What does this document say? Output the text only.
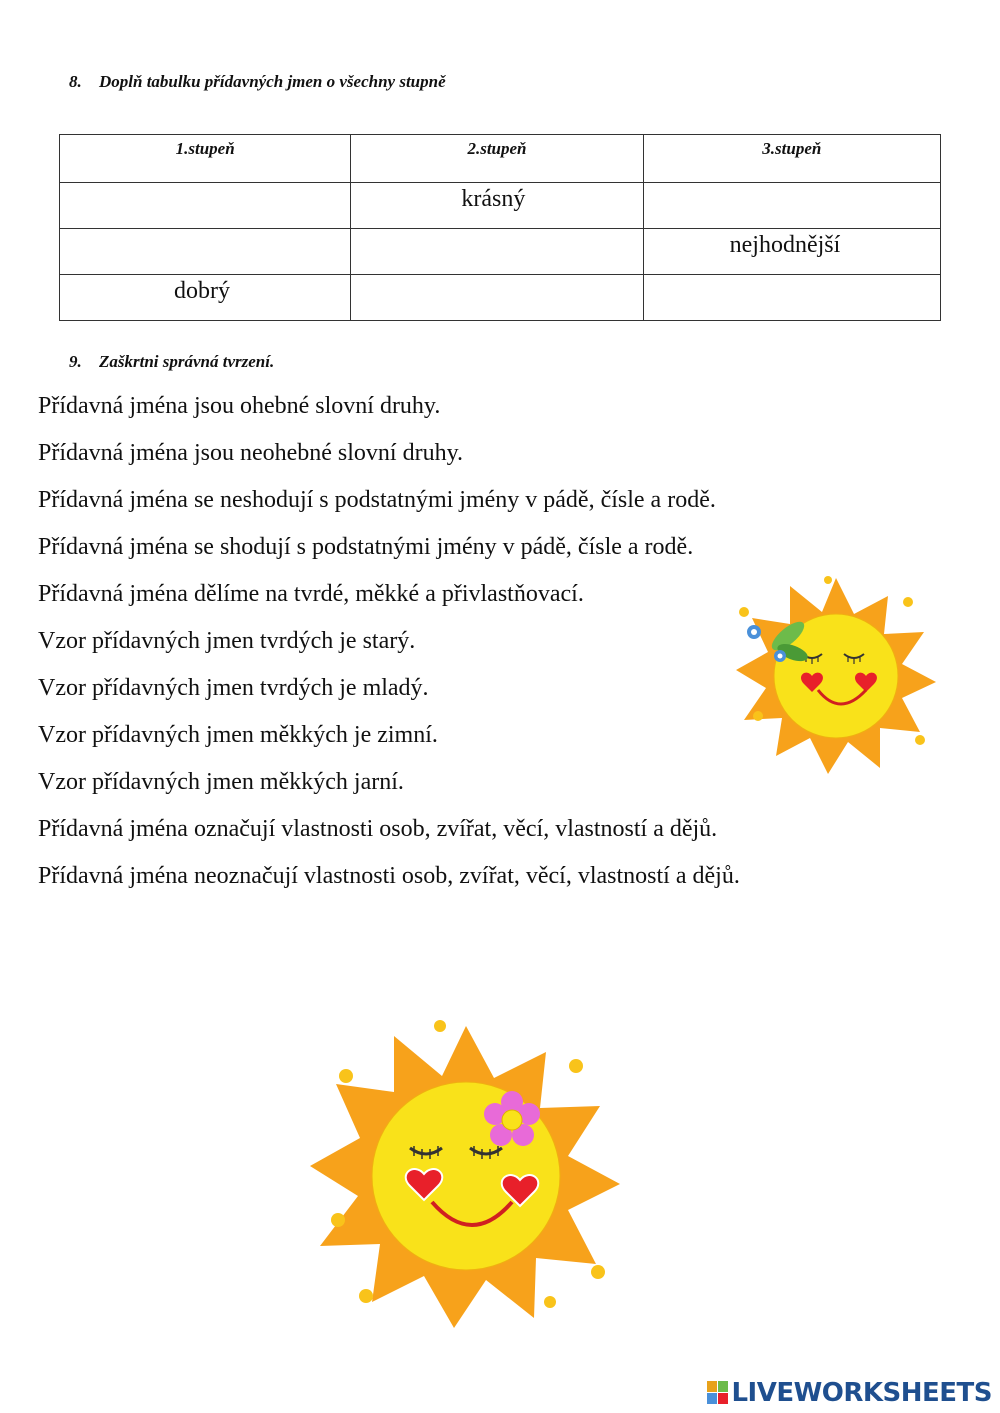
8. Doplň tabulku přídavných jmen o všechny stupně
1.stupeň	2.stupeň	3.stupeň
	krásný	
		nejhodnější
dobrý		
9. Zaškrtni správná tvrzení.

Přídavná jména jsou ohebné slovní druhy.

Přídavná jména jsou neohebné slovní druhy.

Přídavná jména se neshodují s podstatnými jmény v pádě, čísle a rodě.

Přídavná jména se shodují s podstatnými jmény v pádě, čísle a rodě.

Přídavná jména dělíme na tvrdé, měkké a přivlastňovací.

Vzor přídavných jmen tvrdých je starý.

Vzor přídavných jmen tvrdých je mladý.

Vzor přídavných jmen měkkých je zimní.

Vzor přídavných jmen měkkých jarní.

Přídavná jména označují vlastnosti osob, zvířat, věcí, vlastností a dějů.

Přídavná jména neoznačují vlastnosti osob, zvířat, věcí, vlastností a dějů.

LIVEWORKSHEETS
